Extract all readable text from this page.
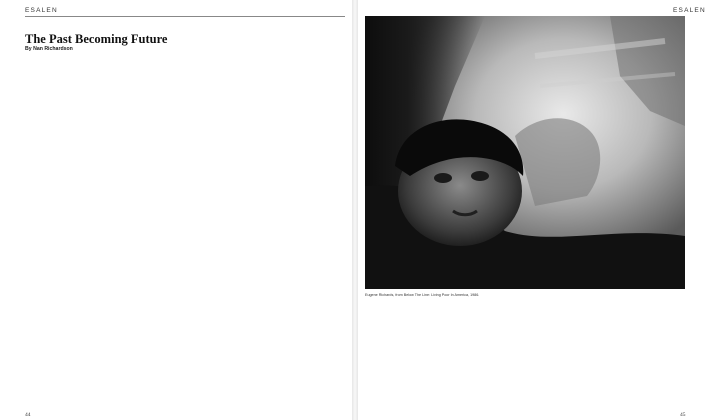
ESALEN
The Past Becoming Future
By Nan Richardson
44
ESALEN
Eugene Richards, from Below The Line: Living Poor In America, 1986.
45
